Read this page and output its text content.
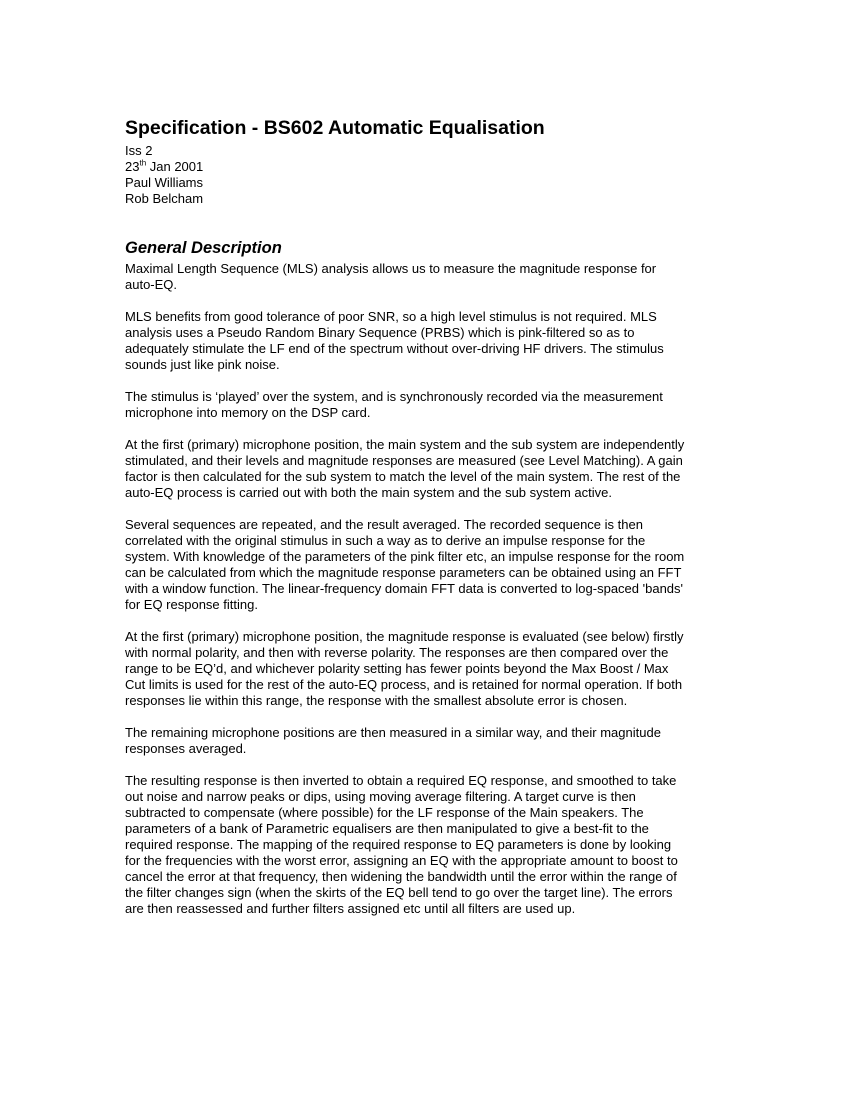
Specification - BS602 Automatic Equalisation

Iss 2

23th Jan 2001

Paul Williams

Rob Belcham

General Description

Maximal Length Sequence (MLS) analysis allows us to measure the magnitude response for
auto-EQ.

MLS benefits from good tolerance of poor SNR, so a high level stimulus is not required. MLS
analysis uses a Pseudo Random Binary Sequence (PRBS) which is pink-filtered so as to
adequately stimulate the LF end of the spectrum without over-driving HF drivers. The stimulus
sounds just like pink noise.

The stimulus is ‘played’ over the system, and is synchronously recorded via the measurement
microphone into memory on the DSP card.

At the first (primary) microphone position, the main system and the sub system are independently
stimulated, and their levels and magnitude responses are measured (see Level Matching). A gain
factor is then calculated for the sub system to match the level of the main system. The rest of the
auto-EQ process is carried out with both the main system and the sub system active.

Several sequences are repeated, and the result averaged. The recorded sequence is then
correlated with the original stimulus in such a way as to derive an impulse response for the
system. With knowledge of the parameters of the pink filter etc, an impulse response for the room
can be calculated from which the magnitude response parameters can be obtained using an FFT
with a window function. The linear-frequency domain FFT data is converted to log-spaced 'bands'
for EQ response fitting.

At the first (primary) microphone position, the magnitude response is evaluated (see below) firstly
with normal polarity, and then with reverse polarity. The responses are then compared over the
range to be EQ’d, and whichever polarity setting has fewer points beyond the Max Boost / Max
Cut limits is used for the rest of the auto-EQ process, and is retained for normal operation. If both
responses lie within this range, the response with the smallest absolute error is chosen.

The remaining microphone positions are then measured in a similar way, and their magnitude
responses averaged.

The resulting response is then inverted to obtain a required EQ response, and smoothed to take
out noise and narrow peaks or dips, using moving average filtering. A target curve is then
subtracted to compensate (where possible) for the LF response of the Main speakers. The
parameters of a bank of Parametric equalisers are then manipulated to give a best-fit to the
required response. The mapping of the required response to EQ parameters is done by looking
for the frequencies with the worst error, assigning an EQ with the appropriate amount to boost to
cancel the error at that frequency, then widening the bandwidth until the error within the range of
the filter changes sign (when the skirts of the EQ bell tend to go over the target line). The errors
are then reassessed and further filters assigned etc until all filters are used up.
